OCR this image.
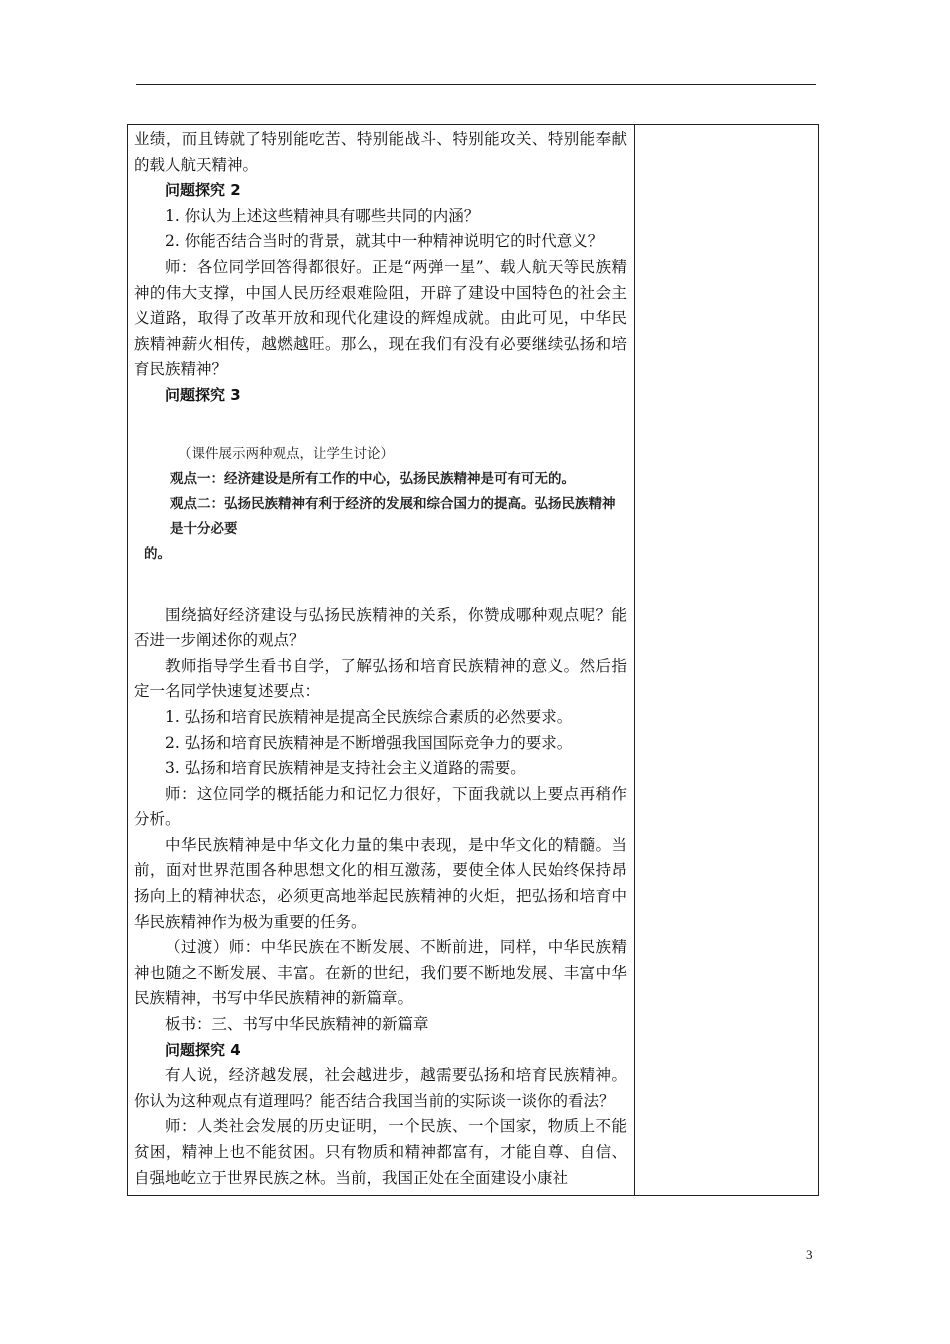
业绩，而且铸就了特别能吃苦、特别能战斗、特别能攻关、特别能奉献的载人航天精神。

问题探究 2

1. 你认为上述这些精神具有哪些共同的内涵？

2. 你能否结合当时的背景，就其中一种精神说明它的时代意义？

师：各位同学回答得都很好。正是“两弹一星”、载人航天等民族精神的伟大支撑，中国人民历经艰难险阻，开辟了建设中国特色的社会主义道路，取得了改革开放和现代化建设的辉煌成就。由此可见，中华民族精神薪火相传，越燃越旺。那么，现在我们有没有必要继续弘扬和培育民族精神？

问题探究 3

（课件展示两种观点，让学生讨论）
观点一：经济建设是所有工作的中心，弘扬民族精神是可有可无的。
观点二：弘扬民族精神有利于经济的发展和综合国力的提高。弘扬民族精神是十分必要
的。

围绕搞好经济建设与弘扬民族精神的关系，你赞成哪种观点呢？能否进一步阐述你的观点？

教师指导学生看书自学，了解弘扬和培育民族精神的意义。然后指定一名同学快速复述要点：

1. 弘扬和培育民族精神是提高全民族综合素质的必然要求。

2. 弘扬和培育民族精神是不断增强我国国际竞争力的要求。

3. 弘扬和培育民族精神是支持社会主义道路的需要。

师：这位同学的概括能力和记忆力很好，下面我就以上要点再稍作分析。

中华民族精神是中华文化力量的集中表现，是中华文化的精髓。当前，面对世界范围各种思想文化的相互激荡，要使全体人民始终保持昂扬向上的精神状态，必须更高地举起民族精神的火炬，把弘扬和培育中华民族精神作为极为重要的任务。

（过渡）师：中华民族在不断发展、不断前进，同样，中华民族精神也随之不断发展、丰富。在新的世纪，我们要不断地发展、丰富中华民族精神，书写中华民族精神的新篇章。

板书：三、书写中华民族精神的新篇章

问题探究 4

有人说，经济越发展，社会越进步，越需要弘扬和培育民族精神。你认为这种观点有道理吗？能否结合我国当前的实际谈一谈你的看法？

师：人类社会发展的历史证明，一个民族、一个国家，物质上不能贫困，精神上也不能贫困。只有物质和精神都富有，才能自尊、自信、自强地屹立于世界民族之林。当前，我国正处在全面建设小康社

3
